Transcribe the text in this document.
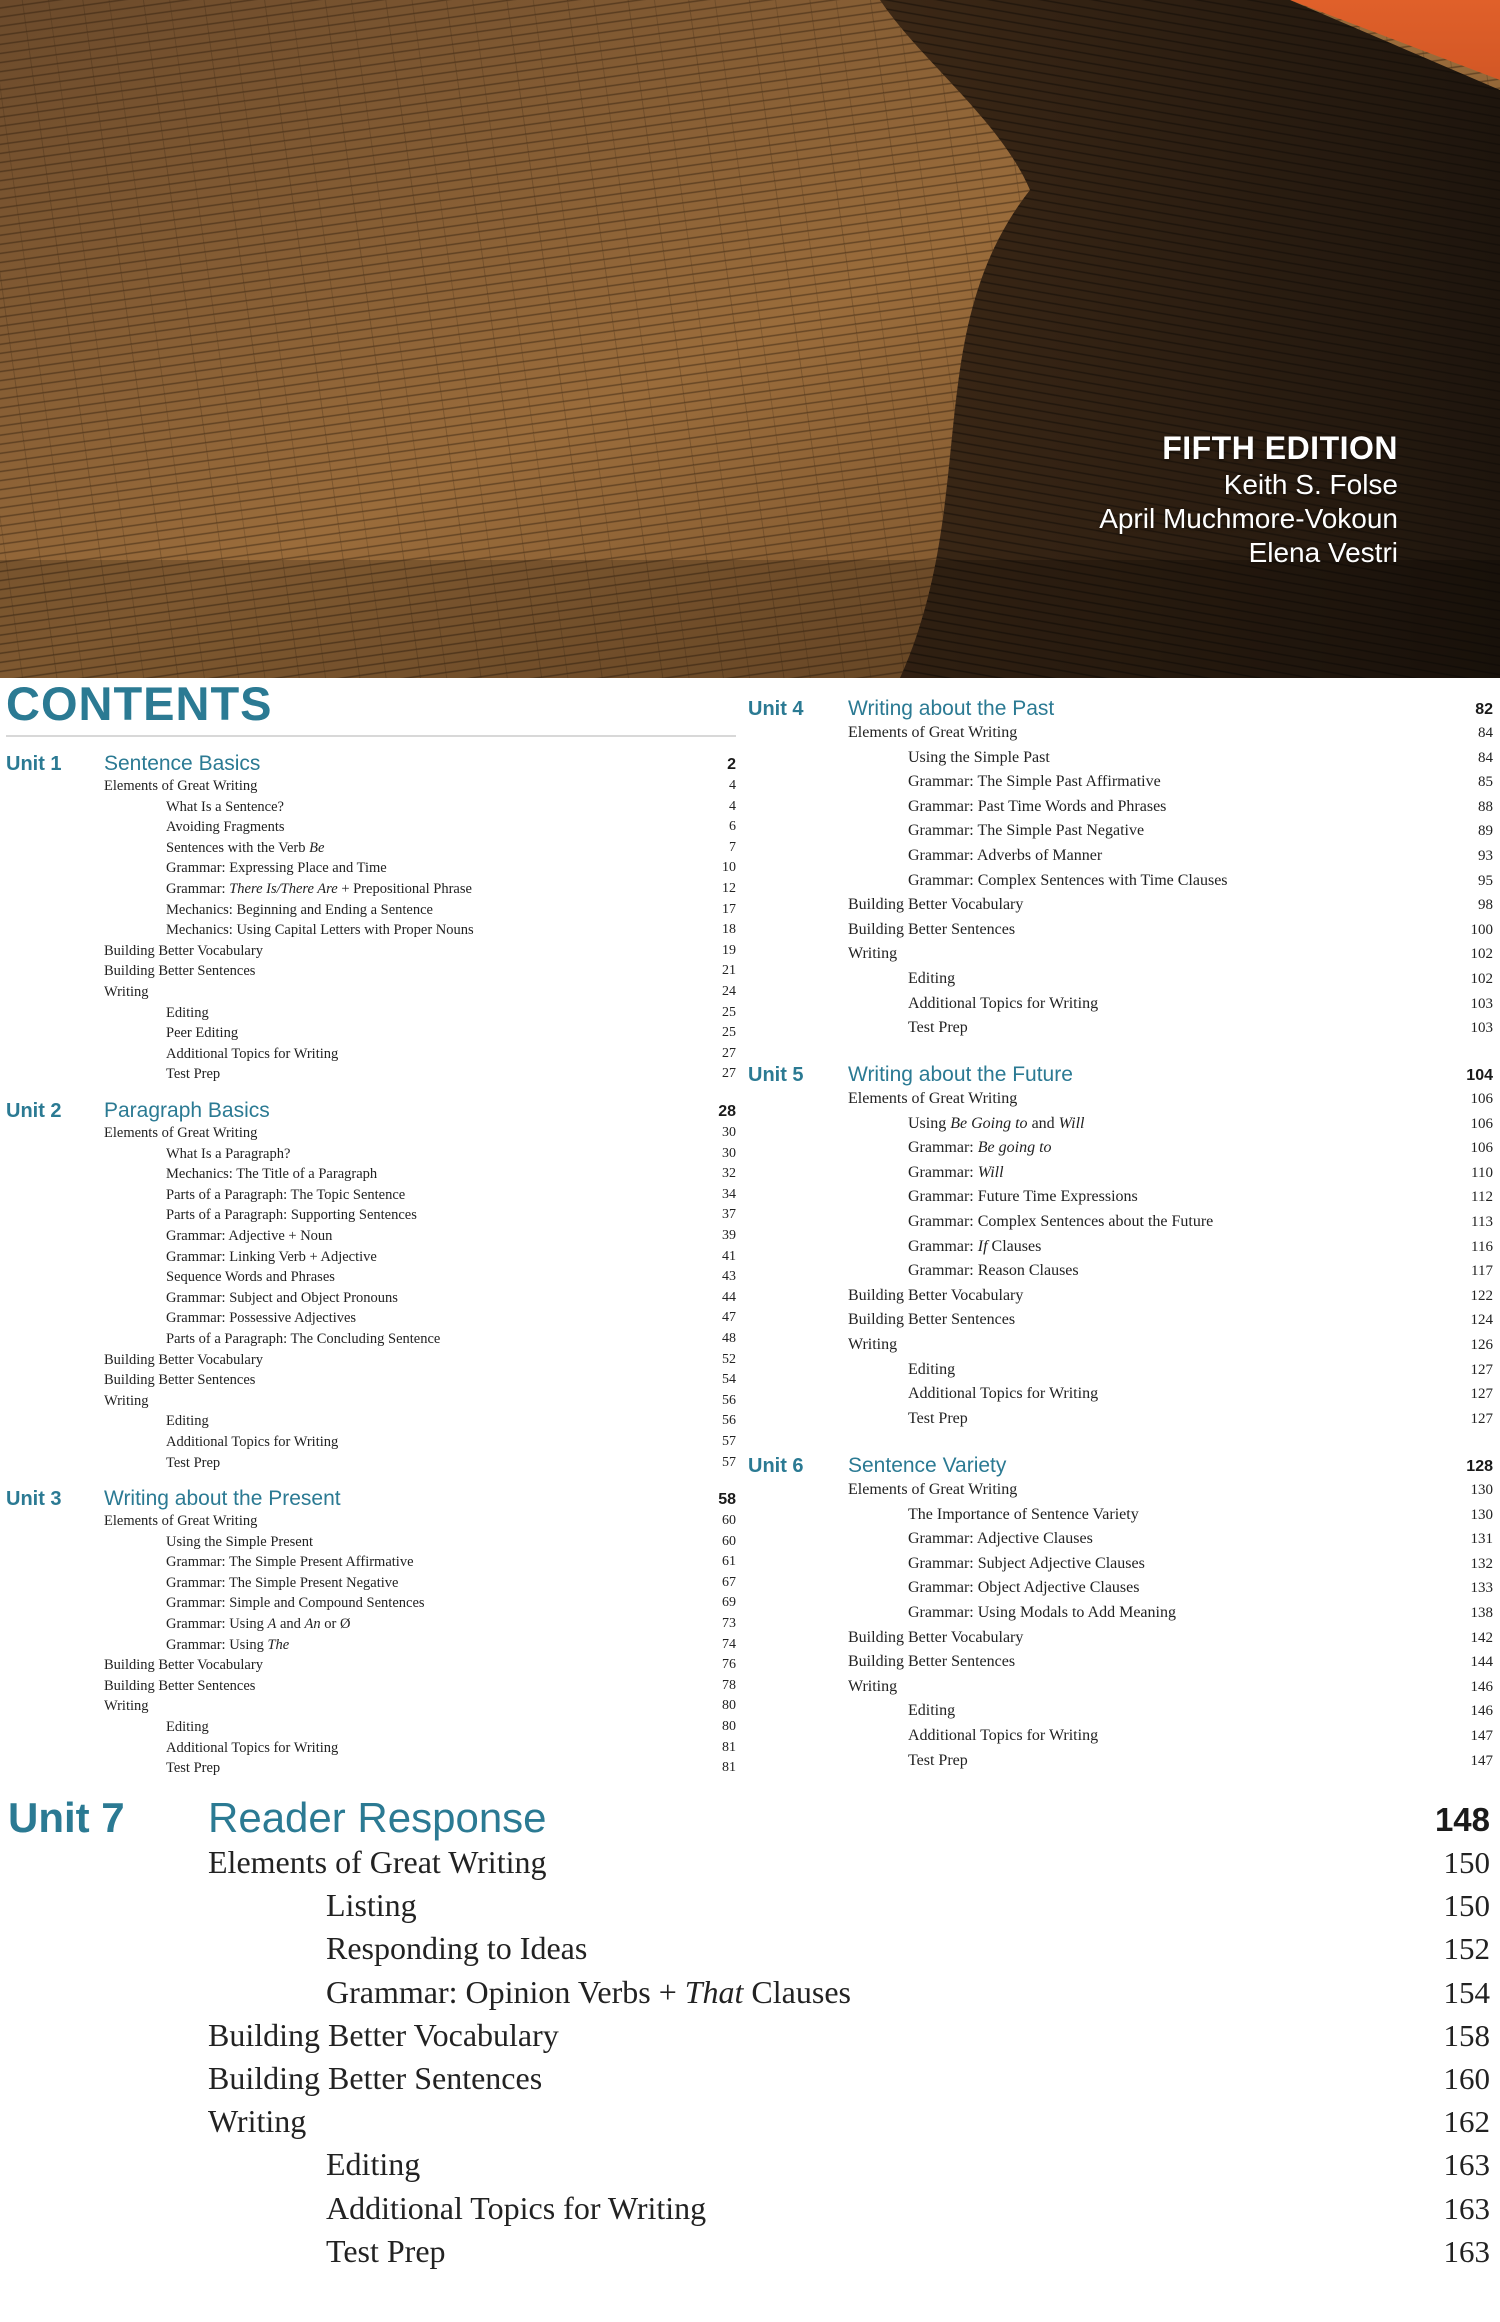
FIFTH EDITION
Keith S. Folse
April Muchmore-Vokoun
Elena Vestri
CONTENTS
Unit 1 Sentence Basics	2
Elements of Great Writing	4
What Is a Sentence?	4
Avoiding Fragments	6
Sentences with the Verb Be	7
Grammar: Expressing Place and Time	10
Grammar: There Is/There Are + Prepositional Phrase	12
Mechanics: Beginning and Ending a Sentence	17
Mechanics: Using Capital Letters with Proper Nouns	18
Building Better Vocabulary	19
Building Better Sentences	21
Writing	24
Editing	25
Peer Editing	25
Additional Topics for Writing	27
Test Prep	27
Unit 2 Paragraph Basics	28
Elements of Great Writing	30
What Is a Paragraph?	30
Mechanics: The Title of a Paragraph	32
Parts of a Paragraph: The Topic Sentence	34
Parts of a Paragraph: Supporting Sentences	37
Grammar: Adjective + Noun	39
Grammar: Linking Verb + Adjective	41
Sequence Words and Phrases	43
Grammar: Subject and Object Pronouns	44
Grammar: Possessive Adjectives	47
Parts of a Paragraph: The Concluding Sentence	48
Building Better Vocabulary	52
Building Better Sentences	54
Writing	56
Editing	56
Additional Topics for Writing	57
Test Prep	57
Unit 3 Writing about the Present	58
Elements of Great Writing	60
Using the Simple Present	60
Grammar: The Simple Present Affirmative	61
Grammar: The Simple Present Negative	67
Grammar: Simple and Compound Sentences	69
Grammar: Using A and An or Ø	73
Grammar: Using The	74
Building Better Vocabulary	76
Building Better Sentences	78
Writing	80
Editing	80
Additional Topics for Writing	81
Test Prep	81
Unit 4 Writing about the Past	82
Elements of Great Writing	84
Using the Simple Past	84
Grammar: The Simple Past Affirmative	85
Grammar: Past Time Words and Phrases	88
Grammar: The Simple Past Negative	89
Grammar: Adverbs of Manner	93
Grammar: Complex Sentences with Time Clauses	95
Building Better Vocabulary	98
Building Better Sentences	100
Writing	102
Editing	102
Additional Topics for Writing	103
Test Prep	103
Unit 5 Writing about the Future	104
Elements of Great Writing	106
Using Be Going to and Will	106
Grammar: Be going to	106
Grammar: Will	110
Grammar: Future Time Expressions	112
Grammar: Complex Sentences about the Future	113
Grammar: If Clauses	116
Grammar: Reason Clauses	117
Building Better Vocabulary	122
Building Better Sentences	124
Writing	126
Editing	127
Additional Topics for Writing	127
Test Prep	127
Unit 6 Sentence Variety	128
Elements of Great Writing	130
The Importance of Sentence Variety	130
Grammar: Adjective Clauses	131
Grammar: Subject Adjective Clauses	132
Grammar: Object Adjective Clauses	133
Grammar: Using Modals to Add Meaning	138
Building Better Vocabulary	142
Building Better Sentences	144
Writing	146
Editing	146
Additional Topics for Writing	147
Test Prep	147
Unit 7 Reader Response	148
Elements of Great Writing	150
Listing	150
Responding to Ideas	152
Grammar: Opinion Verbs + That Clauses	154
Building Better Vocabulary	158
Building Better Sentences	160
Writing	162
Editing	163
Additional Topics for Writing	163
Test Prep	163
